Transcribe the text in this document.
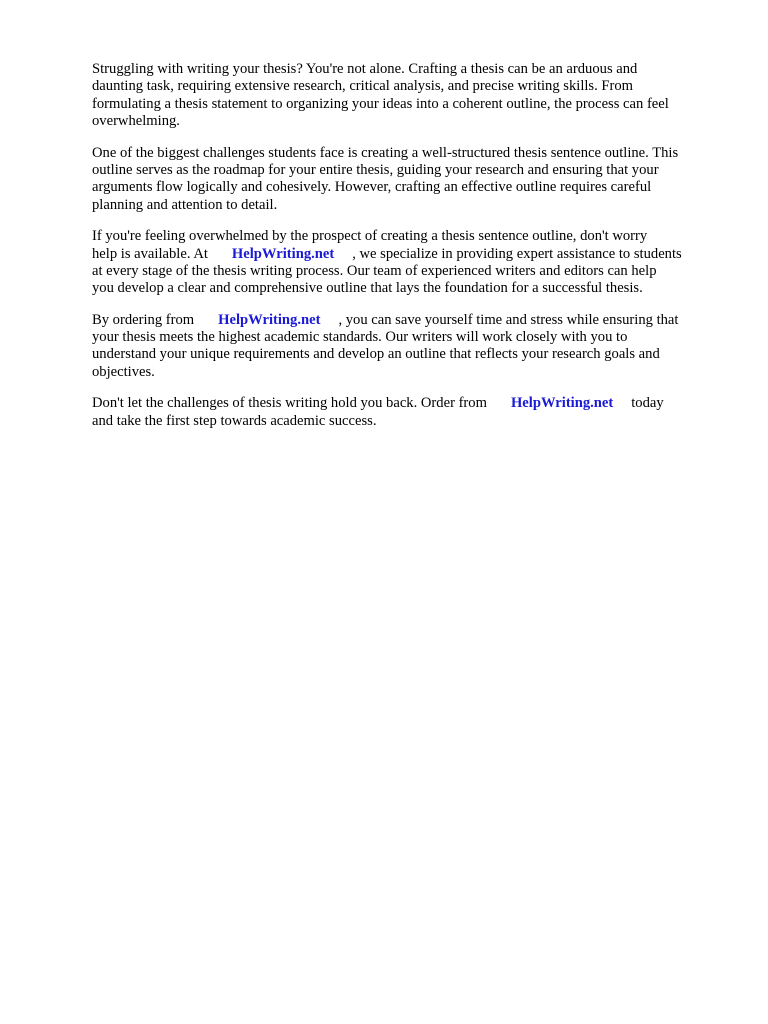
Struggling with writing your thesis? You're not alone. Crafting a thesis can be an arduous and
daunting task, requiring extensive research, critical analysis, and precise writing skills. From
formulating a thesis statement to organizing your ideas into a coherent outline, the process can feel
overwhelming.
One of the biggest challenges students face is creating a well-structured thesis sentence outline. This
outline serves as the roadmap for your entire thesis, guiding your research and ensuring that your
arguments flow logically and cohesively. However, crafting an effective outline requires careful
planning and attention to detail.
If you're feeling overwhelmed by the prospect of creating a thesis sentence outline, don't worry
help is available. At HelpWriting.net , we specialize in providing expert assistance to students
at every stage of the thesis writing process. Our team of experienced writers and editors can help
you develop a clear and comprehensive outline that lays the foundation for a successful thesis.
By ordering from HelpWriting.net , you can save yourself time and stress while ensuring that
your thesis meets the highest academic standards. Our writers will work closely with you to
understand your unique requirements and develop an outline that reflects your research goals and
objectives.
Don't let the challenges of thesis writing hold you back. Order from HelpWriting.net today
and take the first step towards academic success.
